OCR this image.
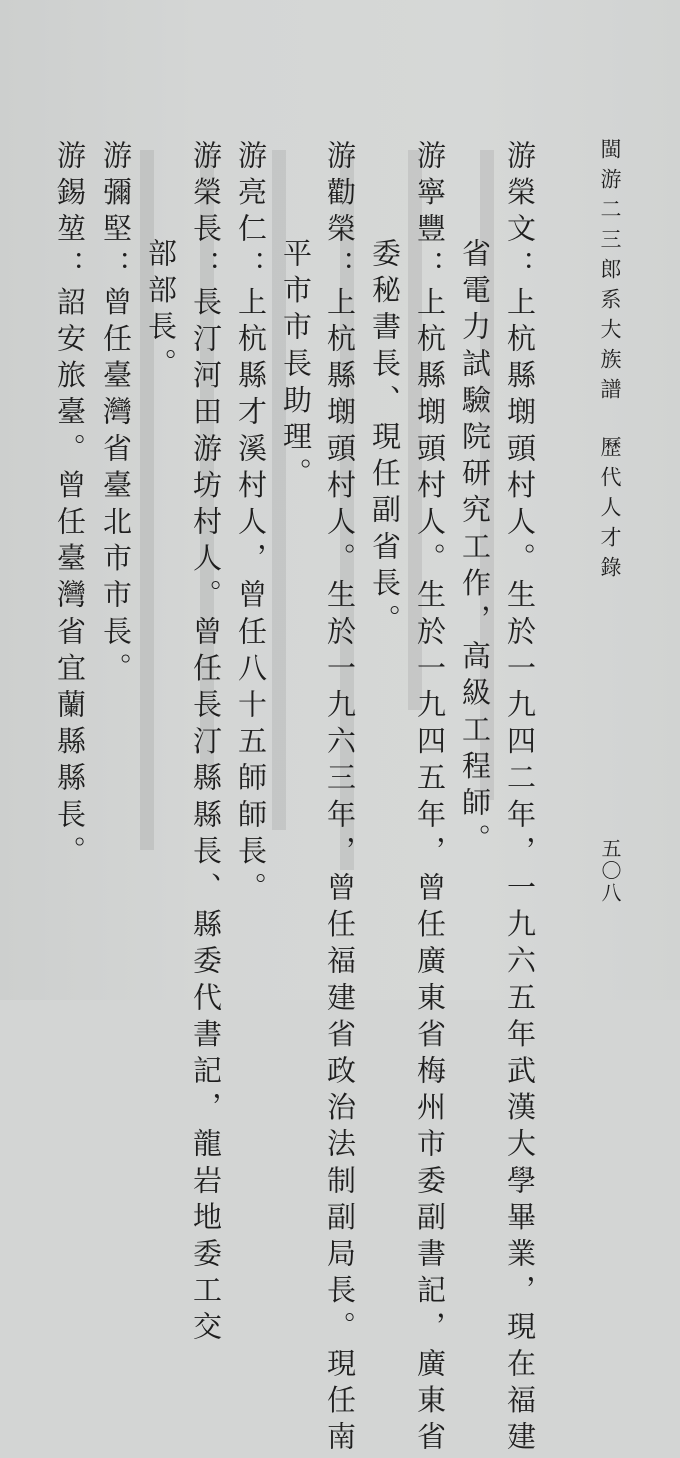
閩游二三郎系大族譜
歷代人才錄
游榮文：上杭縣㙟頭村人。生於一九四二年，一九六五年武漢大學畢業，現在福建
省電力試驗院研究工作，高級工程師。
游寧豐：上杭縣㙟頭村人。生於一九四五年，曾任廣東省梅州市委副書記，廣東省
委秘書長、現任副省長。
游勸榮：上杭縣㙟頭村人。生於一九六三年，曾任福建省政治法制副局長。現任南
平市市長助理。
游亮仁：上杭縣才溪村人，曾任八十五師師長。
游榮長：長汀河田游坊村人。曾任長汀縣縣長、縣委代書記，龍岩地委工交
部部長。
游彌堅：曾任臺灣省臺北市市長。
游錫堃：詔安旅臺。曾任臺灣省宜蘭縣縣長。	五〇八
